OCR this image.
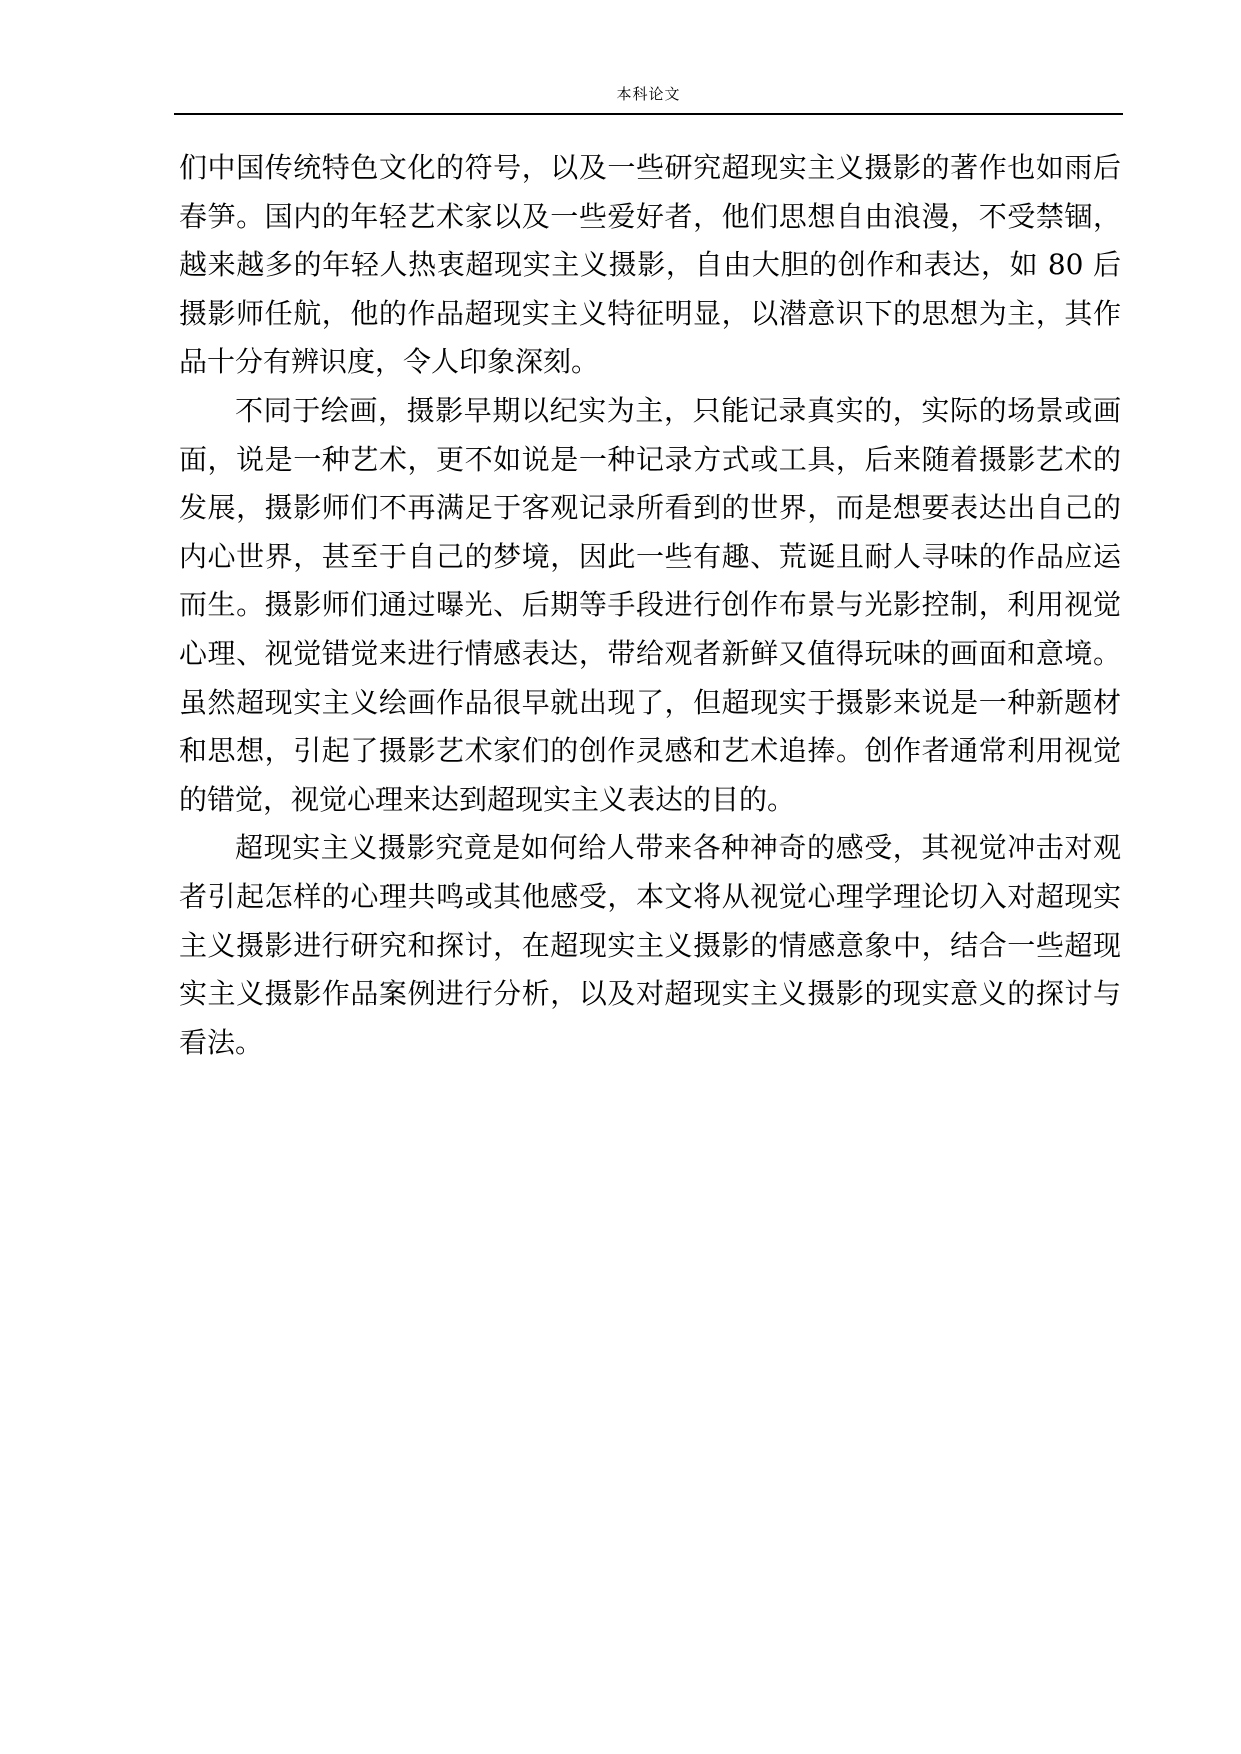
本科论文

们中国传统特色文化的符号，以及一些研究超现实主义摄影的著作也如雨后春笋。国内的年轻艺术家以及一些爱好者，他们思想自由浪漫，不受禁锢，越来越多的年轻人热衷超现实主义摄影，自由大胆的创作和表达，如 80 后摄影师任航，他的作品超现实主义特征明显，以潜意识下的思想为主，其作品十分有辨识度，令人印象深刻。

不同于绘画，摄影早期以纪实为主，只能记录真实的，实际的场景或画面，说是一种艺术，更不如说是一种记录方式或工具，后来随着摄影艺术的发展，摄影师们不再满足于客观记录所看到的世界，而是想要表达出自己的内心世界，甚至于自己的梦境，因此一些有趣、荒诞且耐人寻味的作品应运而生。摄影师们通过曝光、后期等手段进行创作布景与光影控制，利用视觉心理、视觉错觉来进行情感表达，带给观者新鲜又值得玩味的画面和意境。虽然超现实主义绘画作品很早就出现了，但超现实于摄影来说是一种新题材和思想，引起了摄影艺术家们的创作灵感和艺术追捧。创作者通常利用视觉的错觉，视觉心理来达到超现实主义表达的目的。

超现实主义摄影究竟是如何给人带来各种神奇的感受，其视觉冲击对观者引起怎样的心理共鸣或其他感受，本文将从视觉心理学理论切入对超现实主义摄影进行研究和探讨，在超现实主义摄影的情感意象中，结合一些超现实主义摄影作品案例进行分析，以及对超现实主义摄影的现实意义的探讨与看法。
